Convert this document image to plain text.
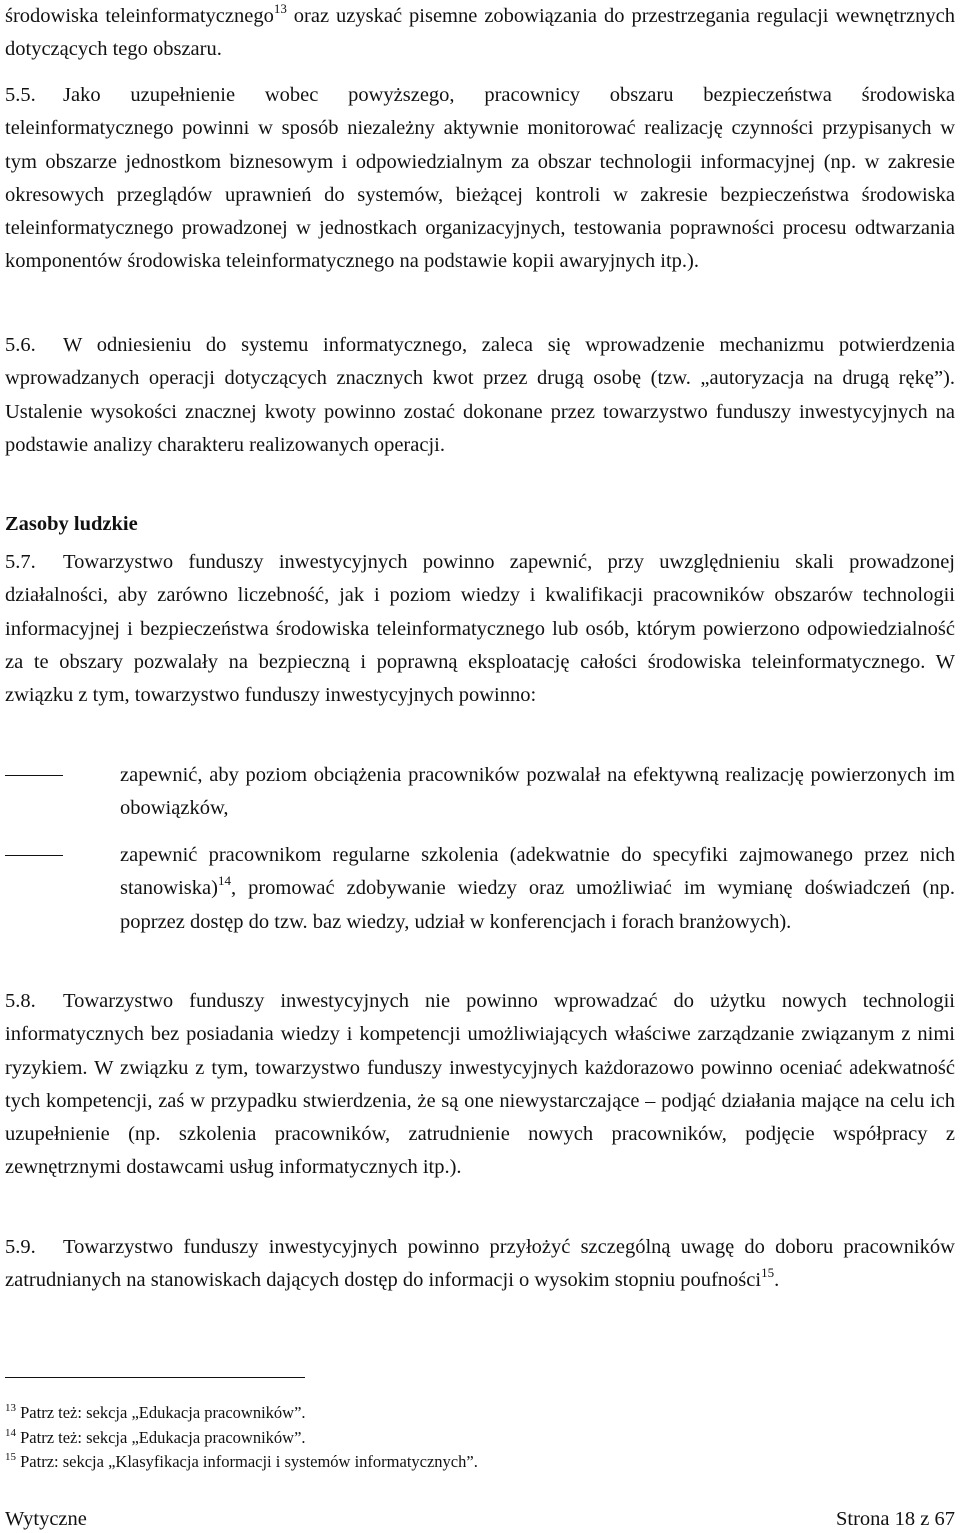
środowiska teleinformatycznego$^{13}$ oraz uzyskać pisemne zobowiązania do przestrzegania regulacji wewnętrznych dotyczących tego obszaru.

5.5. Jako uzupełnienie wobec powyższego, pracownicy obszaru bezpieczeństwa środowiska teleinformatycznego powinni w sposób niezależny aktywnie monitorować realizację czynności przypisanych w tym obszarze jednostkom biznesowym i odpowiedzialnym za obszar technologii informacyjnej (np. w zakresie okresowych przeglądów uprawnień do systemów, bieżącej kontroli w zakresie bezpieczeństwa środowiska teleinformatycznego prowadzonej w jednostkach organizacyjnych, testowania poprawności procesu odtwarzania komponentów środowiska teleinformatycznego na podstawie kopii awaryjnych itp.).

5.6. W odniesieniu do systemu informatycznego, zaleca się wprowadzenie mechanizmu potwierdzenia wprowadzanych operacji dotyczących znacznych kwot przez drugą osobę (tzw. „autoryzacja na drugą rękę”). Ustalenie wysokości znacznej kwoty powinno zostać dokonane przez towarzystwo funduszy inwestycyjnych na podstawie analizy charakteru realizowanych operacji.

Zasoby ludzkie

5.7. Towarzystwo funduszy inwestycyjnych powinno zapewnić, przy uwzględnieniu skali prowadzonej działalności, aby zarówno liczebność, jak i poziom wiedzy i kwalifikacji pracowników obszarów technologii informacyjnej i bezpieczeństwa środowiska teleinformatycznego lub osób, którym powierzono odpowiedzialność za te obszary pozwalały na bezpieczną i poprawną eksploatację całości środowiska teleinformatycznego. W związku z tym, towarzystwo funduszy inwestycyjnych powinno:

zapewnić, aby poziom obciążenia pracowników pozwalał na efektywną realizację powierzonych im obowiązków,
zapewnić pracownikom regularne szkolenia (adekwatnie do specyfiki zajmowanego przez nich stanowiska)$^{14}$, promować zdobywanie wiedzy oraz umożliwiać im wymianę doświadczeń (np. poprzez dostęp do tzw. baz wiedzy, udział w konferencjach i forach branżowych).

5.8. Towarzystwo funduszy inwestycyjnych nie powinno wprowadzać do użytku nowych technologii informatycznych bez posiadania wiedzy i kompetencji umożliwiających właściwe zarządzanie związanym z nimi ryzykiem. W związku z tym, towarzystwo funduszy inwestycyjnych każdorazowo powinno oceniać adekwatność tych kompetencji, zaś w przypadku stwierdzenia, że są one niewystarczające – podjąć działania mające na celu ich uzupełnienie (np. szkolenia pracowników, zatrudnienie nowych pracowników, podjęcie współpracy z zewnętrznymi dostawcami usług informatycznych itp.).

5.9. Towarzystwo funduszy inwestycyjnych powinno przyłożyć szczególną uwagę do doboru pracowników zatrudnianych na stanowiskach dających dostęp do informacji o wysokim stopniu poufności$^{15}$.

$^{13}$ Patrz też: sekcja „Edukacja pracowników”.
$^{14}$ Patrz też: sekcja „Edukacja pracowników”.
$^{15}$ Patrz: sekcja „Klasyfikacja informacji i systemów informatycznych”.
Wytyczne	Strona 18 z 67
